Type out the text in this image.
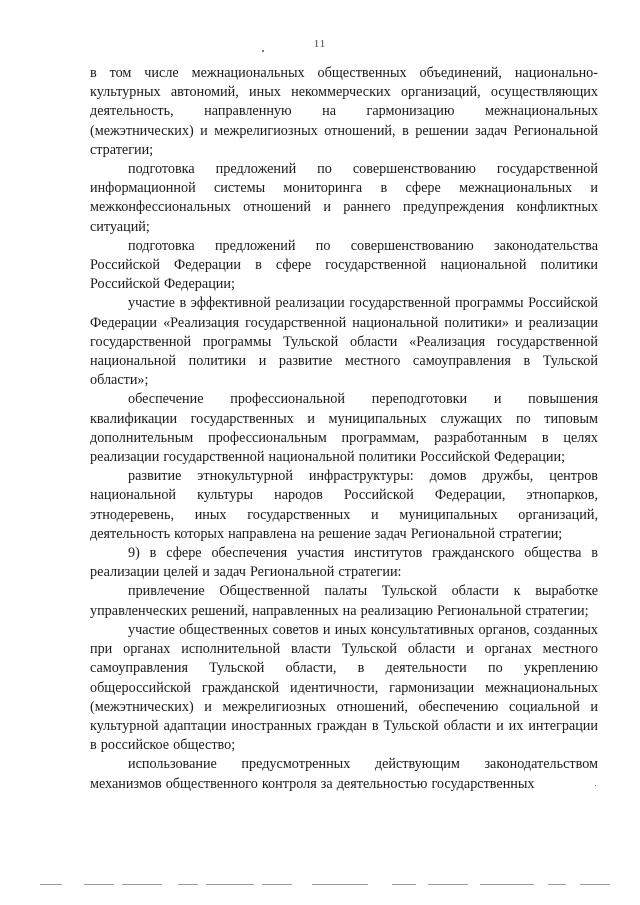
11

в том числе межнациональных общественных объединений, национально-культурных автономий, иных некоммерческих организаций, осуществляющих деятельность, направленную на гармонизацию межнациональных (межэтнических) и межрелигиозных отношений, в решении задач Региональной стратегии;

подготовка предложений по совершенствованию государственной информационной системы мониторинга в сфере межнациональных и межконфессиональных отношений и раннего предупреждения конфликтных ситуаций;

подготовка предложений по совершенствованию законодательства Российской Федерации в сфере государственной национальной политики Российской Федерации;

участие в эффективной реализации государственной программы Российской Федерации «Реализация государственной национальной политики» и реализации государственной программы Тульской области «Реализация государственной национальной политики и развитие местного самоуправления в Тульской области»;

обеспечение профессиональной переподготовки и повышения квалификации государственных и муниципальных служащих по типовым дополнительным профессиональным программам, разработанным в целях реализации государственной национальной политики Российской Федерации;

развитие этнокультурной инфраструктуры: домов дружбы, центров национальной культуры народов Российской Федерации, этнопарков, этнодеревень, иных государственных и муниципальных организаций, деятельность которых направлена на решение задач Региональной стратегии;

9) в сфере обеспечения участия институтов гражданского общества в реализации целей и задач Региональной стратегии:

привлечение Общественной палаты Тульской области к выработке управленческих решений, направленных на реализацию Региональной стратегии;

участие общественных советов и иных консультативных органов, созданных при органах исполнительной власти Тульской области и органах местного самоуправления Тульской области, в деятельности по укреплению общероссийской гражданской идентичности, гармонизации межнациональных (межэтнических) и межрелигиозных отношений, обеспечению социальной и культурной адаптации иностранных граждан в Тульской области и их интеграции в российское общество;

использование предусмотренных действующим законодательством механизмов общественного контроля за деятельностью государственных
